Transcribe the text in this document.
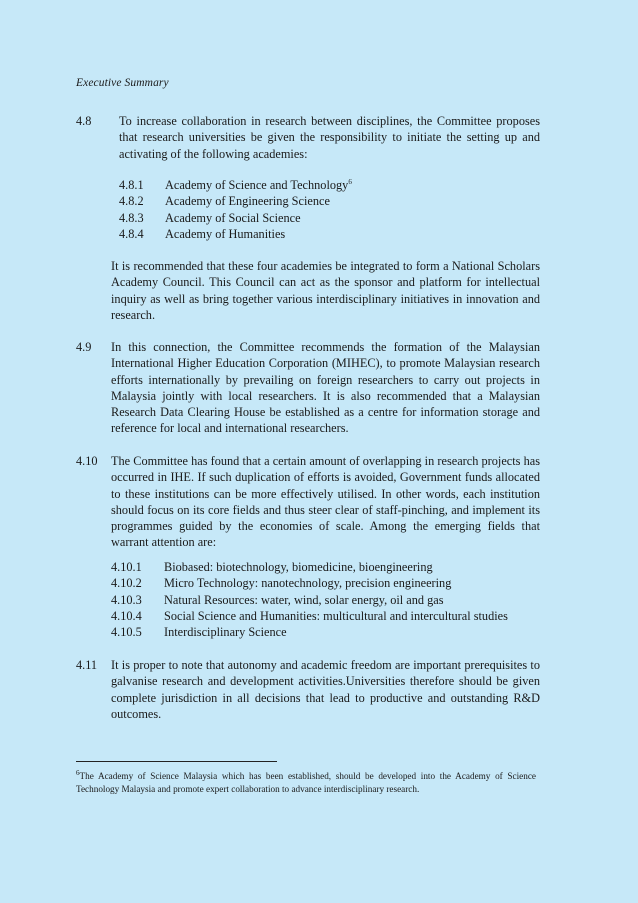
Executive Summary
4.8 To increase collaboration in research between disciplines, the Committee proposes that research universities be given the responsibility to initiate the setting up and activating of the following academies:
4.8.1	Academy of Science and Technology$^6$
4.8.2	Academy of Engineering Science
4.8.3	Academy of Social Science
4.8.4	Academy of Humanities
It is recommended that these four academies be integrated to form a National Scholars Academy Council. This Council can act as the sponsor and platform for intellectual inquiry as well as bring together various interdisciplinary initiatives in innovation and research.
4.9 In this connection, the Committee recommends the formation of the Malaysian International Higher Education Corporation (MIHEC), to promote Malaysian research efforts internationally by prevailing on foreign researchers to carry out projects in Malaysia jointly with local researchers. It is also recommended that a Malaysian Research Data Clearing House be established as a centre for information storage and reference for local and international researchers.
4.10 The Committee has found that a certain amount of overlapping in research projects has occurred in IHE. If such duplication of efforts is avoided, Government funds allocated to these institutions can be more effectively utilised. In other words, each institution should focus on its core fields and thus steer clear of staff-pinching, and implement its programmes guided by the economies of scale. Among the emerging fields that warrant attention are:
4.10.1	Biobased: biotechnology, biomedicine, bioengineering
4.10.2	Micro Technology: nanotechnology, precision engineering
4.10.3	Natural Resources: water, wind, solar energy, oil and gas
4.10.4	Social Science and Humanities: multicultural and intercultural studies
4.10.5	Interdisciplinary Science
4.11 It is proper to note that autonomy and academic freedom are important prerequisites to galvanise research and development activities.Universities therefore should be given complete jurisdiction in all decisions that lead to productive and outstanding R&D outcomes.
$^6$The Academy of Science Malaysia which has been established, should be developed into the Academy of Science Technology Malaysia and promote expert collaboration to advance interdisciplinary research.
